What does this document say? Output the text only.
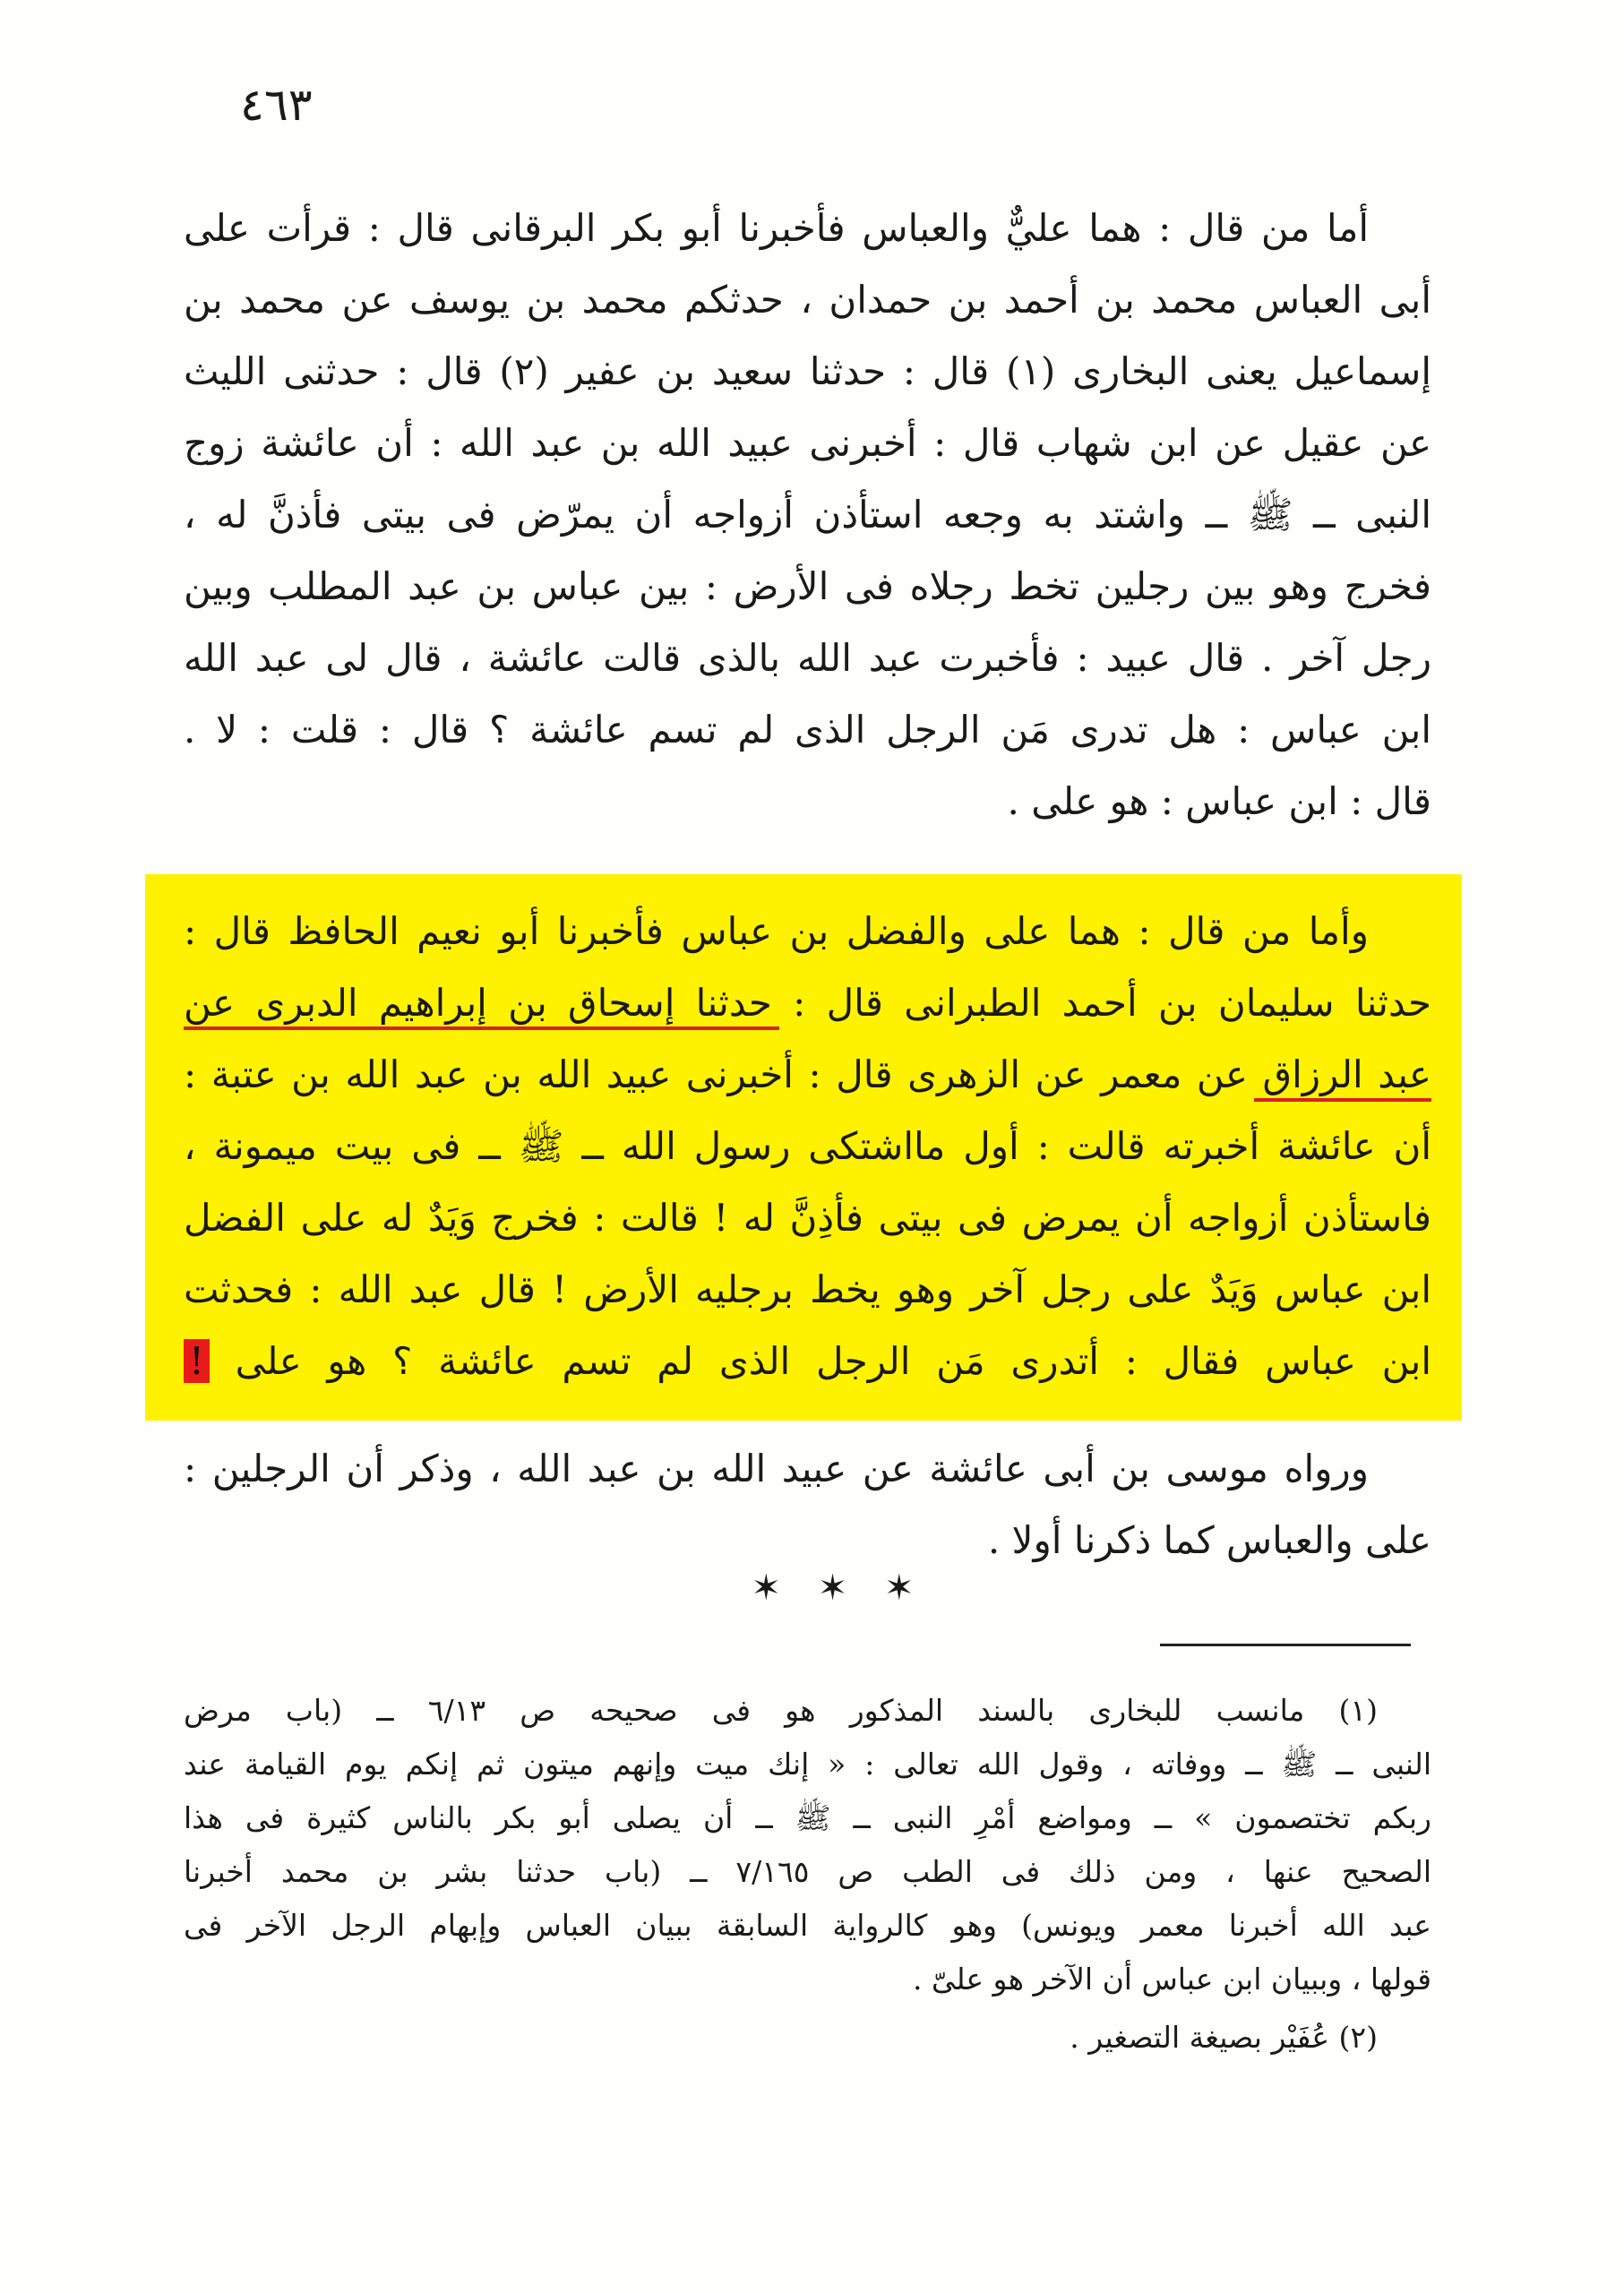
٤٦٣
أما من قال : هما عليٌّ والعباس فأخبرنا أبو بكر البرقانى قال : قرأت على
أبى العباس محمد بن أحمد بن حمدان ، حدثكم محمد بن يوسف عن محمد بن
إسماعيل يعنى البخارى (١) قال : حدثنا سعيد بن عفير (٢) قال : حدثنى الليث
عن عقيل عن ابن شهاب قال : أخبرنى عبيد الله بن عبد الله : أن عائشة زوج
النبى ــ ﷺ ــ واشتد به وجعه استأذن أزواجه أن يمرّض فى بيتى فأذنَّ له ،
فخرج وهو بين رجلين تخط رجلاه فى الأرض : بين عباس بن عبد المطلب وبين
رجل آخر . قال عبيد : فأخبرت عبد الله بالذى قالت عائشة ، قال لى عبد الله
ابن عباس : هل تدرى مَن الرجل الذى لم تسم عائشة ؟ قال : قلت : لا .
قال : ابن عباس : هو على .
وأما من قال : هما على والفضل بن عباس فأخبرنا أبو نعيم الحافظ قال :
حدثنا سليمان بن أحمد الطبرانى قال : حدثنا إسحاق بن إبراهيم الدبرى عن
عبد الرزاق عن معمر عن الزهرى قال : أخبرنى عبيد الله بن عبد الله بن عتبة :
أن عائشة أخبرته قالت : أول مااشتكى رسول الله ــ ﷺ ــ فى بيت ميمونة ،
فاستأذن أزواجه أن يمرض فى بيتى فأذِنَّ له ! قالت : فخرج وَيَدٌ له على الفضل
ابن عباس وَيَدٌ على رجل آخر وهو يخط برجليه الأرض ! قال عبد الله : فحدثت
ابن عباس فقال : أتدرى مَن الرجل الذى لم تسم عائشة ؟ هو على !
ورواه موسى بن أبى عائشة عن عبيد الله بن عبد الله ، وذكر أن الرجلين :
على والعباس كما ذكرنا أولا .
✶ ✶ ✶
(١) مانسب للبخارى بالسند المذكور هو فى صحيحه ص ٦/١٣ ــ (باب مرض
النبى ــ ﷺ ــ ووفاته ، وقول الله تعالى : « إنك ميت وإنهم ميتون ثم إنكم يوم القيامة عند
ربكم تختصمون » ــ ومواضع أمْرِ النبى ــ ﷺ ــ أن يصلى أبو بكر بالناس كثيرة فى هذا
الصحيح عنها ، ومن ذلك فى الطب ص ٧/١٦٥ ــ (باب حدثنا بشر بن محمد أخبرنا
عبد الله أخبرنا معمر ويونس) وهو كالرواية السابقة ببيان العباس وإبهام الرجل الآخر فى
قولها ، وببيان ابن عباس أن الآخر هو علىّ .
(٢) عُفَيْر بصيغة التصغير .
